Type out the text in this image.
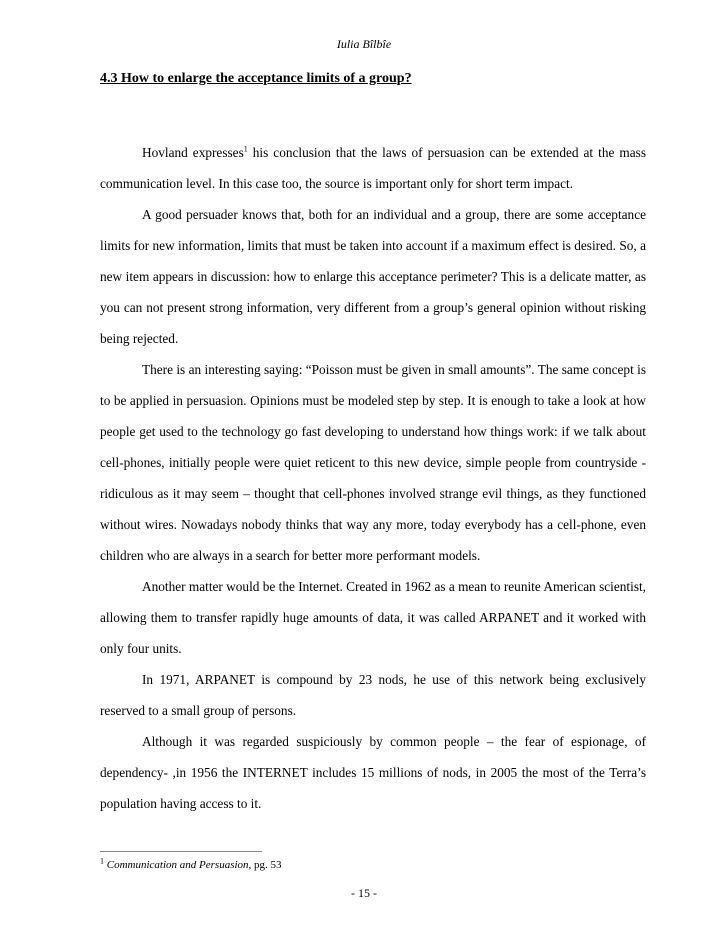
Iulia Bîlbîe
4.3 How to enlarge the acceptance limits of a group?

Hovland expresses$^1$ his conclusion that the laws of persuasion can be extended at the mass communication level. In this case too, the source is important only for short term impact.

A good persuader knows that, both for an individual and a group, there are some acceptance limits for new information, limits that must be taken into account if a maximum effect is desired. So, a new item appears in discussion: how to enlarge this acceptance perimeter? This is a delicate matter, as you can not present strong information, very different from a group’s general opinion without risking being rejected.

There is an interesting saying: “Poisson must be given in small amounts”. The same concept is to be applied in persuasion. Opinions must be modeled step by step. It is enough to take a look at how people get used to the technology go fast developing to understand how things work: if we talk about cell-phones, initially people were quiet reticent to this new device, simple people from countryside - ridiculous as it may seem – thought that cell-phones involved strange evil things, as they functioned without wires. Nowadays nobody thinks that way any more, today everybody has a cell-phone, even children who are always in a search for better more performant models.

Another matter would be the Internet. Created in 1962 as a mean to reunite American scientist, allowing them to transfer rapidly huge amounts of data, it was called ARPANET and it worked with only four units.

In 1971, ARPANET is compound by 23 nods, he use of this network being exclusively reserved to a small group of persons.

Although it was regarded suspiciously by common people – the fear of espionage, of dependency- ,in 1956 the INTERNET includes 15 millions of nods, in 2005 the most of the Terra’s population having access to it.

$^1$ Communication and Persuasion, pg. 53
- 15 -
